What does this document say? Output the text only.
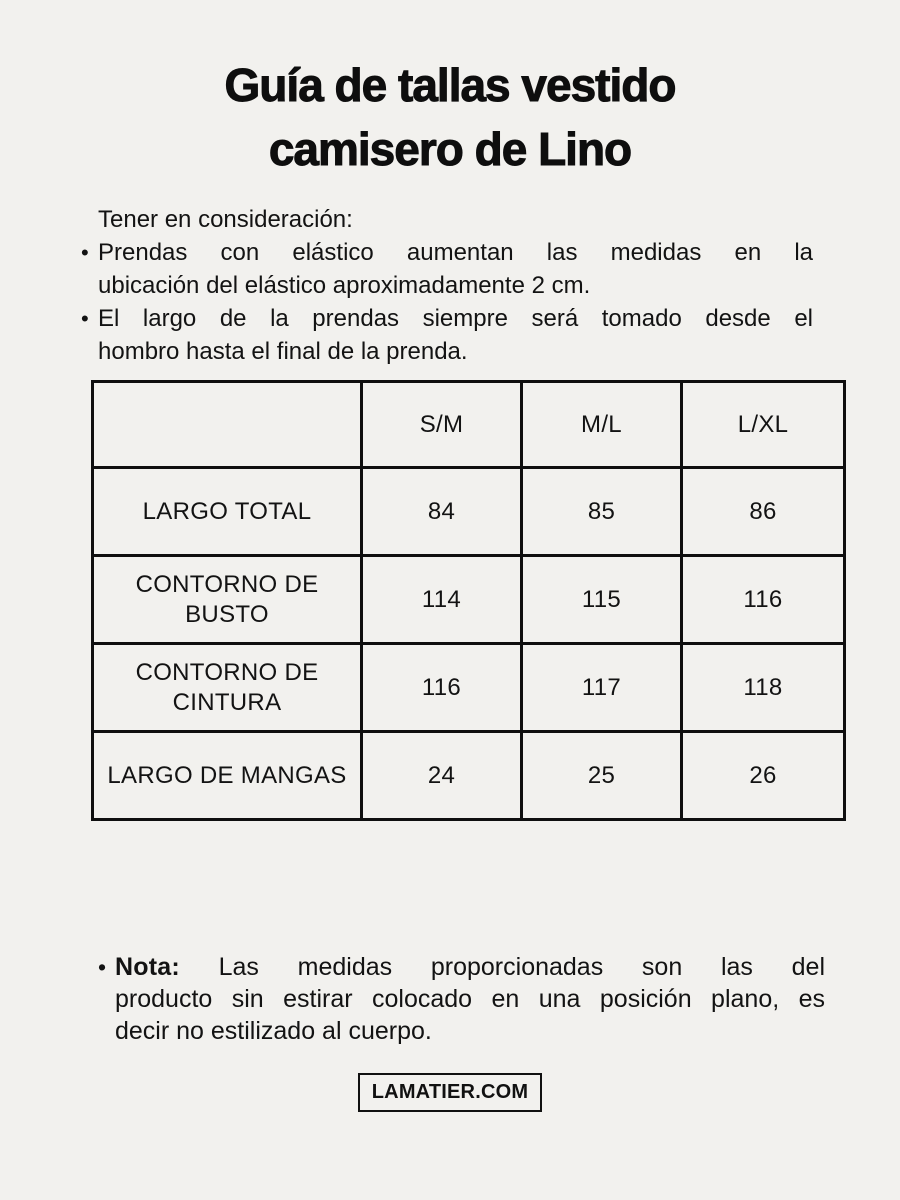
Guía de tallas vestido
camisero de Lino
Tener en consideración:
• Prendas con elástico aumentan las medidas en la
ubicación del elástico aproximadamente 2 cm.
• El largo de la prendas siempre será tomado desde el
hombro hasta el final de la prenda.
	S/M	M/L	L/XL

LARGO TOTAL	84	85	86

CONTORNO DE
BUSTO	114	115	116

CONTORNO DE
CINTURA	116	117	118

LARGO DE MANGAS	24	25	26
• Nota: Las medidas proporcionadas son las del
producto sin estirar colocado en una posición plano, es
decir no estilizado al cuerpo.
LAMATIER.COM
